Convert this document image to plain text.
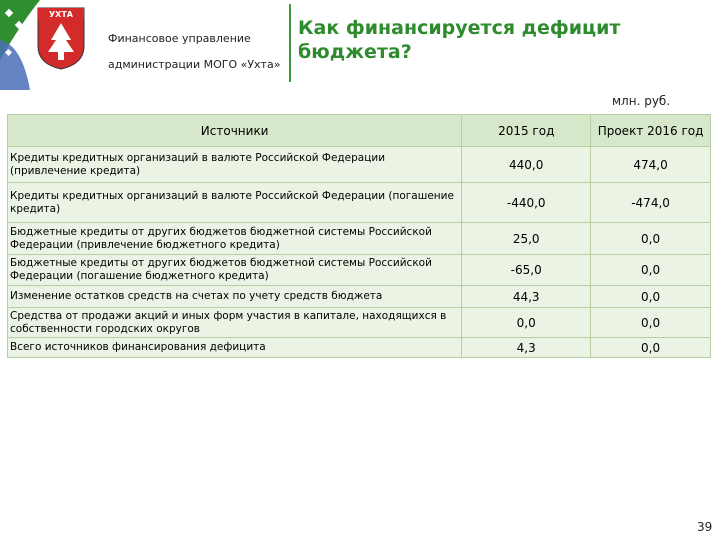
УХТА
Финансовое управление
администрации МОГО «Ухта»
Как финансируется дефицит бюджета?
млн. руб.
Источники	2015 год	Проект 2016 год
Кредиты кредитных организаций в валюте Российской Федерации (привлечение кредита)	440,0	474,0
Кредиты кредитных организаций в валюте Российской Федерации (погашение кредита)	-440,0	-474,0
Бюджетные кредиты от других бюджетов бюджетной системы Российской Федерации (привлечение бюджетного кредита)	25,0	0,0
Бюджетные кредиты от других бюджетов бюджетной системы Российской Федерации (погашение бюджетного кредита)	-65,0	0,0
Изменение остатков средств на счетах по учету средств бюджета	44,3	0,0
Средства от продажи акций и иных форм участия в капитале, находящихся в собственности городских округов	0,0	0,0
Всего источников финансирования дефицита	4,3	0,0
39
